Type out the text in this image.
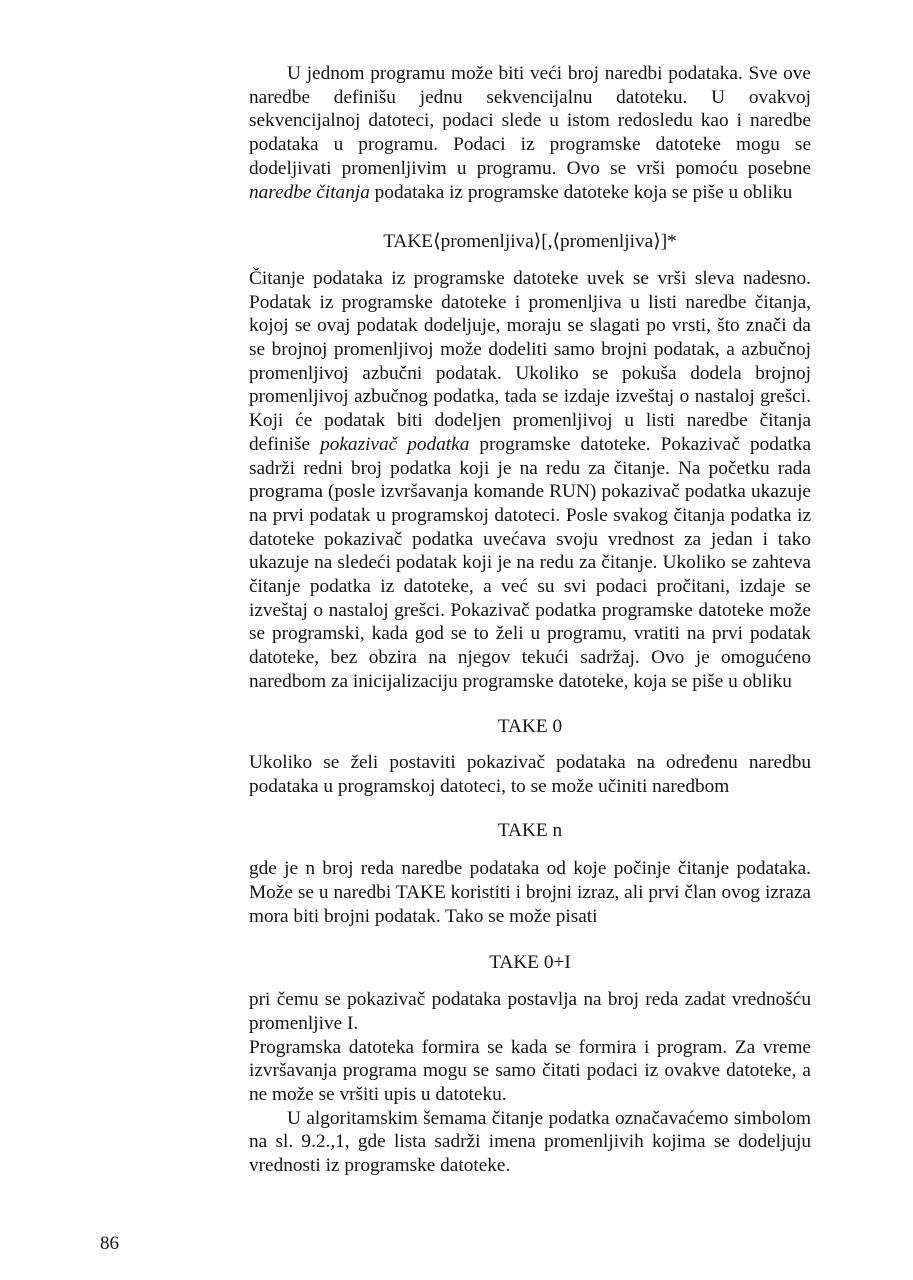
U jednom programu može biti veći broj naredbi podataka. Sve ove naredbe definišu jednu sekvencijalnu datoteku. U ovakvoj sekvencijalnoj datoteci, podaci slede u istom redosledu kao i naredbe podataka u programu. Podaci iz programske datoteke mogu se dodeljivati promenljivim u programu. Ovo se vrši pomoću posebne naredbe čitanja podataka iz programske datoteke koja se piše u obliku

TAKE⟨promenljiva⟩[,⟨promenljiva⟩]*

Čitanje podataka iz programske datoteke uvek se vrši sleva nadesno. Podatak iz programske datoteke i promenljiva u listi naredbe čitanja, kojoj se ovaj podatak dodeljuje, moraju se slagati po vrsti, što znači da se brojnoj promenljivoj može dodeliti samo brojni podatak, a azbučnoj promenljivoj azbučni podatak. Ukoliko se pokuša dodela brojnoj promenljivoj azbučnog podatka, tada se izdaje izveštaj o nastaloj grešci. Koji će podatak biti dodeljen promenljivoj u listi naredbe čitanja definiše pokazivač podatka programske datoteke. Pokazivač podatka sadrži redni broj podatka koji je na redu za čitanje. Na početku rada programa (posle izvršavanja komande RUN) pokazivač podatka ukazuje na prvi podatak u programskoj datoteci. Posle svakog čitanja podatka iz datoteke pokazivač podatka uvećava svoju vrednost za jedan i tako ukazuje na sledeći podatak koji je na redu za čitanje. Ukoliko se zahteva čitanje podatka iz datoteke, a već su svi podaci pročitani, izdaje se izveštaj o nastaloj grešci. Pokazivač podatka programske datoteke može se programski, kada god se to želi u programu, vratiti na prvi podatak datoteke, bez obzira na njegov tekući sadržaj. Ovo je omogućeno naredbom za inicijalizaciju programske datoteke, koja se piše u obliku

TAKE 0

Ukoliko se želi postaviti pokazivač podataka na određenu naredbu podataka u programskoj datoteci, to se može učiniti naredbom

TAKE n

gde je n broj reda naredbe podataka od koje počinje čitanje podataka. Može se u naredbi TAKE koristiti i brojni izraz, ali prvi član ovog izraza mora biti brojni podatak. Tako se može pisati

TAKE 0+I

pri čemu se pokazivač podataka postavlja na broj reda zadat vrednošću promenljive I.

Programska datoteka formira se kada se formira i program. Za vreme izvršavanja programa mogu se samo čitati podaci iz ovakve datoteke, a ne može se vršiti upis u datoteku.

U algoritamskim šemama čitanje podatka označavaćemo simbolom na sl. 9.2.,1, gde lista sadrži imena promenljivih kojima se dodeljuju vrednosti iz programske datoteke.

86
